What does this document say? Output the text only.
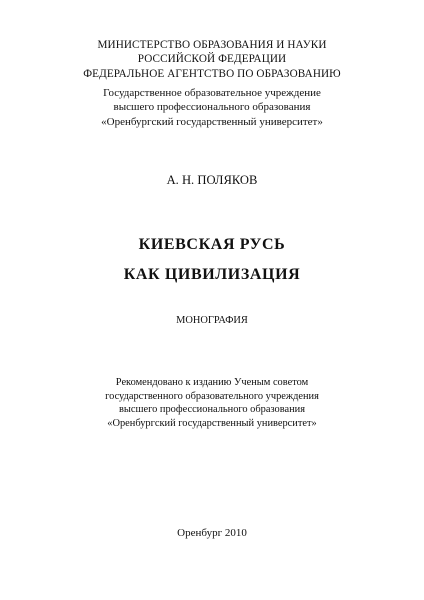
МИНИСТЕРСТВО ОБРАЗОВАНИЯ И НАУКИ
РОССИЙСКОЙ ФЕДЕРАЦИИ
ФЕДЕРАЛЬНОЕ АГЕНТСТВО ПО ОБРАЗОВАНИЮ
Государственное образовательное учреждение
высшего профессионального образования
«Оренбургский государственный университет»
А. Н. ПОЛЯКОВ
КИЕВСКАЯ РУСЬ
КАК ЦИВИЛИЗАЦИЯ
МОНОГРАФИЯ
Рекомендовано к изданию Ученым советом
государственного образовательного учреждения
высшего профессионального образования
«Оренбургский государственный университет»
Оренбург 2010
